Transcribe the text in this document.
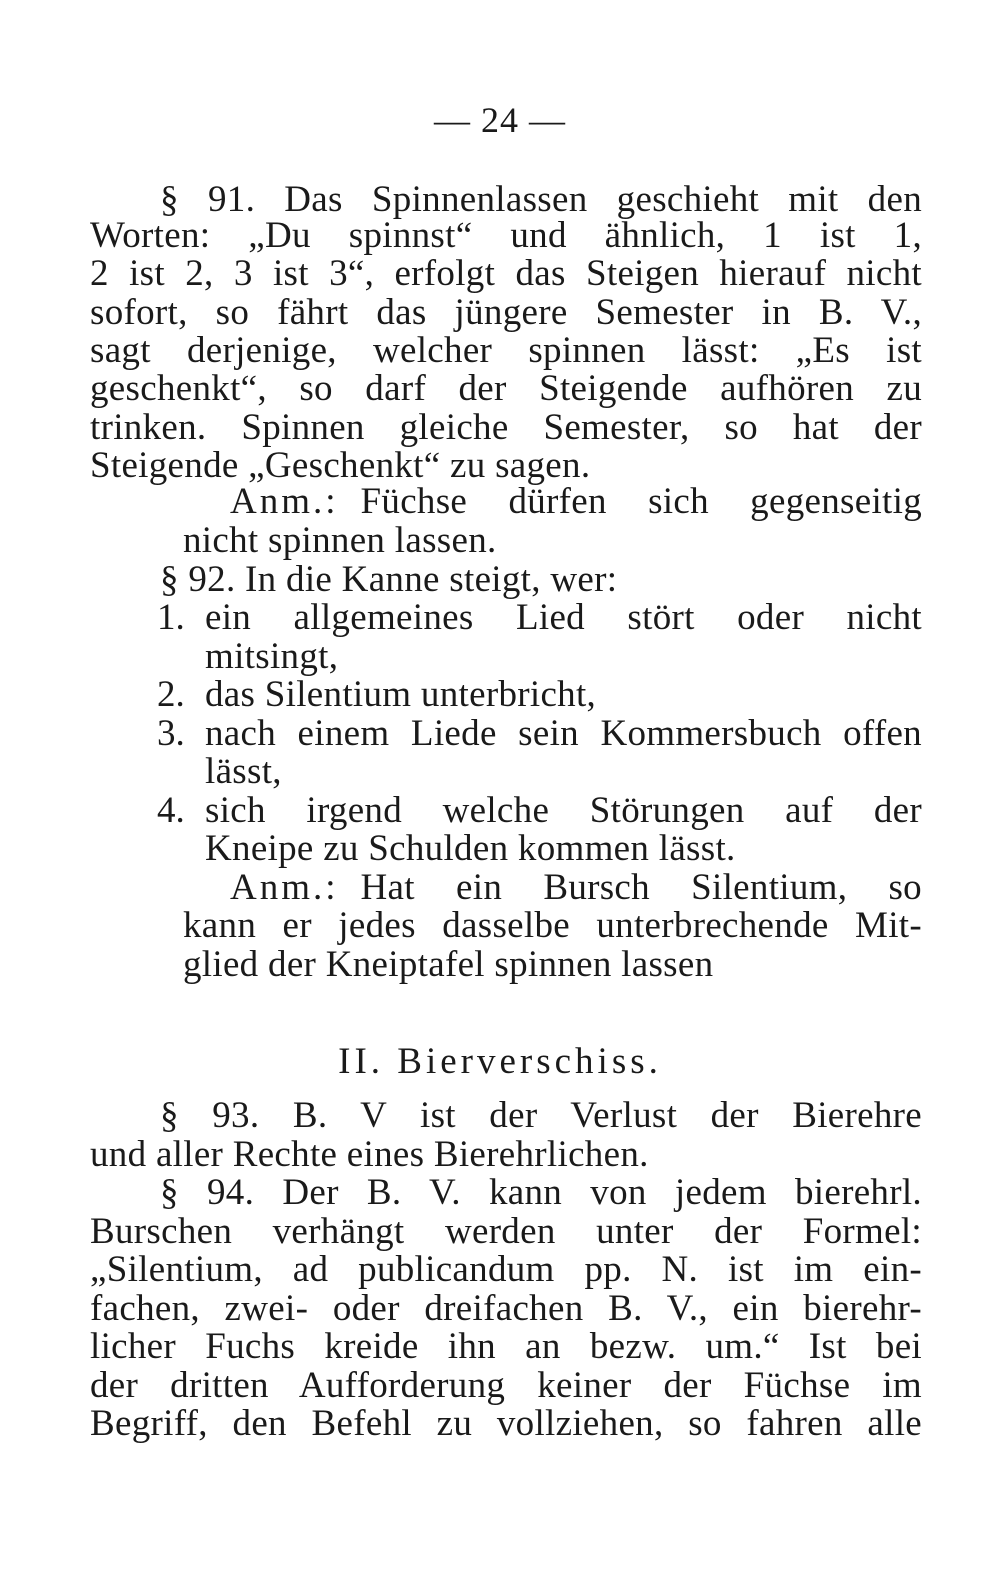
— 24 —
§ 91. Das Spinnenlassen geschieht mit den
Worten: „Du spinnst“ und ähnlich, 1 ist 1,
2 ist 2, 3 ist 3“, erfolgt das Steigen hierauf nicht
sofort, so fährt das jüngere Semester in B. V.,
sagt derjenige, welcher spinnen lässt: „Es ist
geschenkt“, so darf der Steigende aufhören zu
trinken. Spinnen gleiche Semester, so hat der
Steigende „Geschenkt“ zu sagen.
Anm.: Füchse dürfen sich gegenseitig
nicht spinnen lassen.
§ 92. In die Kanne steigt, wer:
1. ein allgemeines Lied stört oder nicht
mitsingt,
2. das Silentium unterbricht,
3. nach einem Liede sein Kommersbuch offen
lässt,
4. sich irgend welche Störungen auf der
Kneipe zu Schulden kommen lässt.
Anm.: Hat ein Bursch Silentium, so
kann er jedes dasselbe unterbrechende Mit-
glied der Kneiptafel spinnen lassen
II. Bierverschiss.
§ 93. B. V ist der Verlust der Bierehre
und aller Rechte eines Bierehrlichen.
§ 94. Der B. V. kann von jedem bierehrl.
Burschen verhängt werden unter der Formel:
„Silentium, ad publicandum pp. N. ist im ein-
fachen, zwei- oder dreifachen B. V., ein bierehr-
licher Fuchs kreide ihn an bezw. um.“ Ist bei
der dritten Aufforderung keiner der Füchse im
Begriff, den Befehl zu vollziehen, so fahren alle
